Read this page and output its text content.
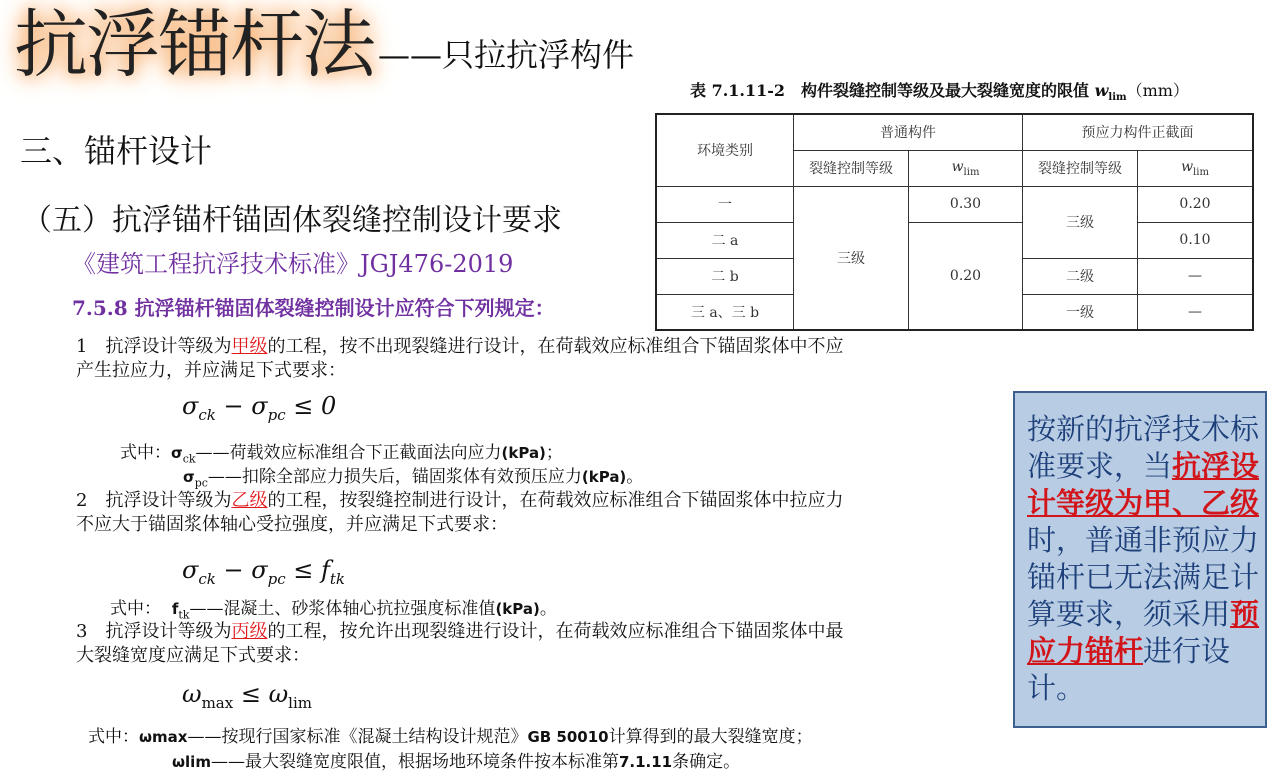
抗浮锚杆法 ——只拉抗浮构件
三、锚杆设计
（五）抗浮锚杆锚固体裂缝控制设计要求
《建筑工程抗浮技术标准》JGJ476-2019
7.5.8 抗浮锚杆锚固体裂缝控制设计应符合下列规定：
1　抗浮设计等级为甲级的工程，按不出现裂缝进行设计，在荷载效应标准组合下锚固浆体中不应
产生拉应力，并应满足下式要求：
$\sigma_{ck} - \sigma_{pc} \le 0$
式中：$\sigma_{ck}——$荷载效应标准组合下正截面法向应力(kPa)；
$\sigma_{pc}——$扣除全部应力损失后，锚固浆体有效预压应力(kPa)。
2　抗浮设计等级为乙级的工程，按裂缝控制进行设计，在荷载效应标准组合下锚固浆体中拉应力
不应大于锚固浆体轴心受拉强度，并应满足下式要求：
$\sigma_{ck} - \sigma_{pc} \le f_{tk}$
式中： $f_{tk}——$混凝土、砂浆体轴心抗拉强度标准值(kPa)。
3　抗浮设计等级为丙级的工程，按允许出现裂缝进行设计，在荷载效应标准组合下锚固浆体中最
大裂缝宽度应满足下式要求：
$\omega_{max} \le \omega_{lim}$
式中：ωmax——按现行国家标准《混凝土结构设计规范》GB 50010计算得到的最大裂缝宽度；
ωlim——最大裂缝宽度限值，根据场地环境条件按本标准第7.1.11条确定。
表 7.1.11-2　构件裂缝控制等级及最大裂缝宽度的限值 $w_{lim}(mm)$
环境类别	普通构件		预应力构件正截面	
	裂缝控制等级	$w_{lim}$	裂缝控制等级	$w_{lim}$
一	三级	0.30	三级	0.20
二 a		0.20		0.10
二 b			二级	—
三 a、三 b			一级	—
按新的抗浮技术标准要求，当抗浮设计等级为甲、乙级时，普通非预应力锚杆已无法满足计算要求，须采用预应力锚杆进行设计。
